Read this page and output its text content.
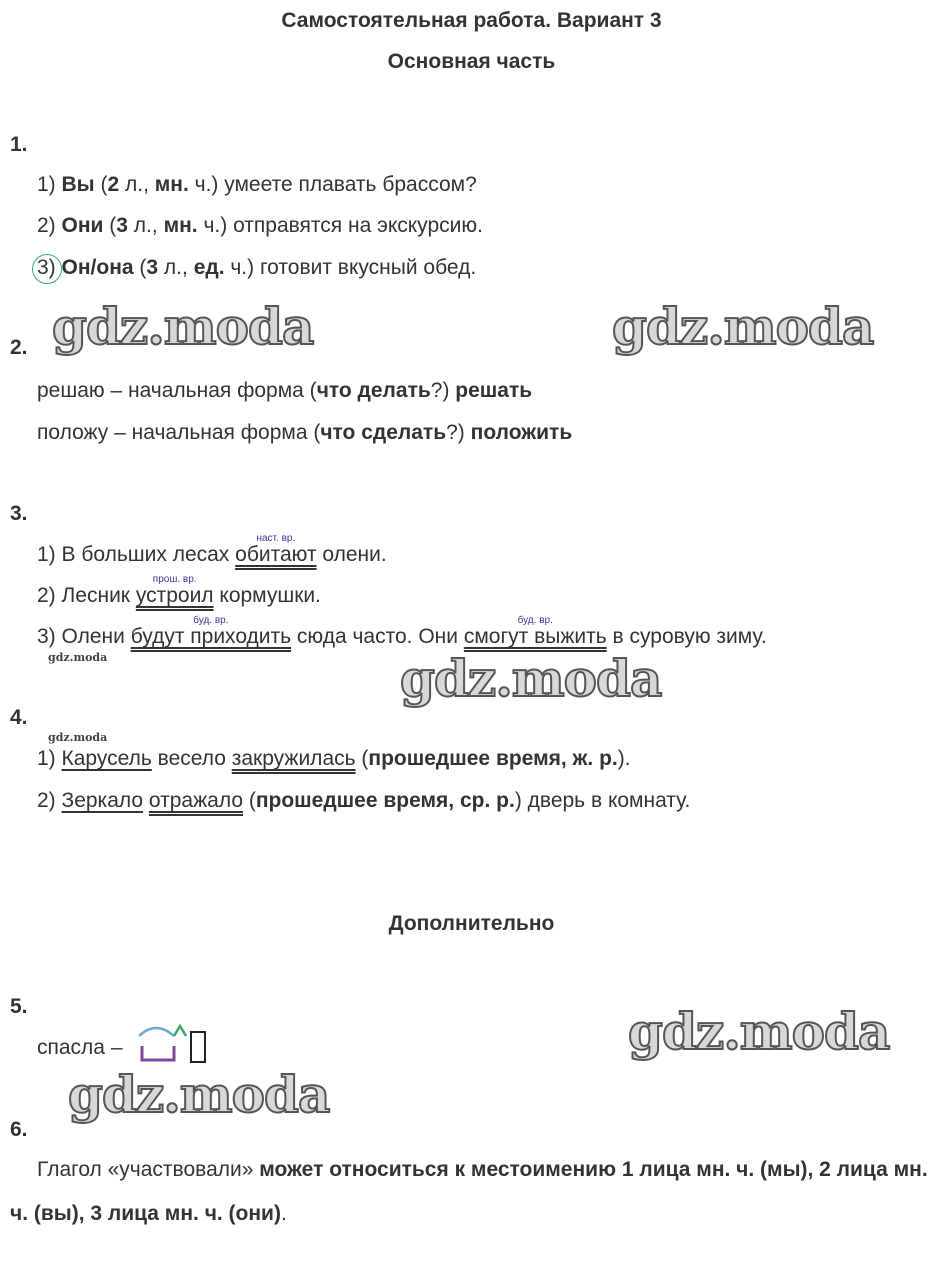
Самостоятельная работа. Вариант 3
Основная часть
1.
1) Вы (2 л., мн. ч.) умеете плавать брассом?
2) Они (3 л., мн. ч.) отправятся на экскурсию.
3) Он/она (3 л., ед. ч.) готовит вкусный обед.
gdz.moda	gdz.moda
2.
решаю – начальная форма (что делать?) решать
положу – начальная форма (что сделать?) положить
3.
1) В больших лесах
наст. вр.
обитают олени.
2) Лесник
прош. вр.
устроил кормушки.
3) Олени
буд. вр.
будут приходить сюда часто. Они
буд. вр.
смогут выжить в суровую зиму.
gdz.moda	gdz.moda
4.
gdz.moda
1) Карусель весело закружилась (прошедшее время, ж. р.).
2) Зеркало отражало (прошедшее время, ср. р.) дверь в комнату.
Дополнительно
5.
спасла –	gdz.moda
gdz.moda
6.
Глагол «участвовали» может относиться к местоимению 1 лица мн. ч. (мы), 2 лица мн. ч. (вы), 3 лица мн. ч. (они).
